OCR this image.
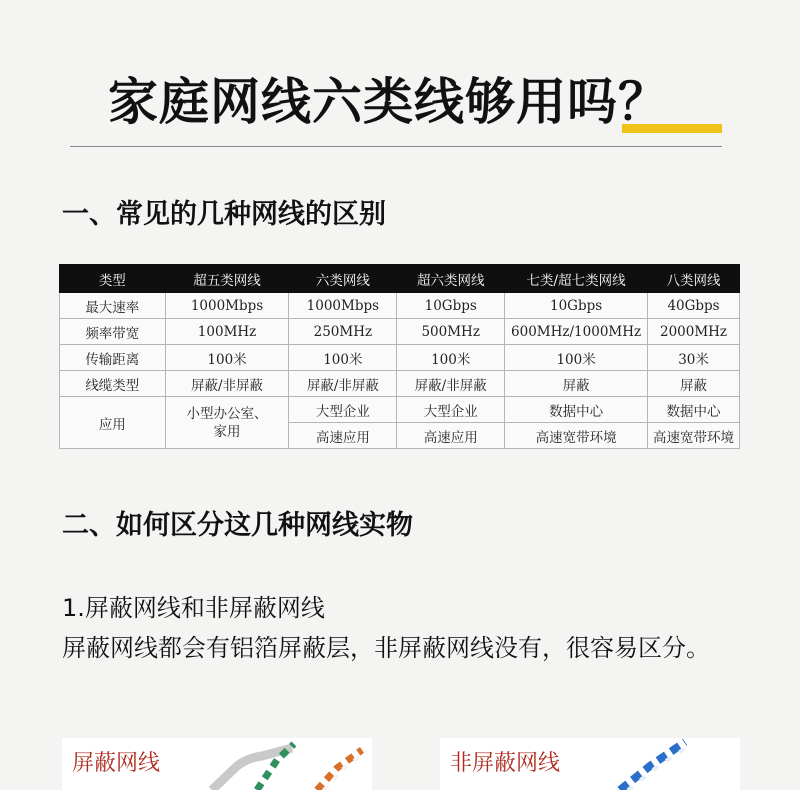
家庭网线六类线够用吗？
一、常见的几种网线的区别
类型	超五类网线	六类网线	超六类网线	七类/超七类网线	八类网线
最大速率	1000Mbps	1000Mbps	10Gbps	10Gbps	40Gbps
频率带宽	100MHz	250MHz	500MHz	600MHz/1000MHz	2000MHz
传输距离	100米	100米	100米	100米	30米
线缆类型	屏蔽/非屏蔽	屏蔽/非屏蔽	屏蔽/非屏蔽	屏蔽	屏蔽
应用	小型办公室、家用	大型企业	大型企业	数据中心	数据中心
		高速应用	高速应用	高速宽带环境	高速宽带环境
二、如何区分这几种网线实物
1.屏蔽网线和非屏蔽网线
屏蔽网线都会有铝箔屏蔽层，非屏蔽网线没有，很容易区分。
屏蔽网线	非屏蔽网线
